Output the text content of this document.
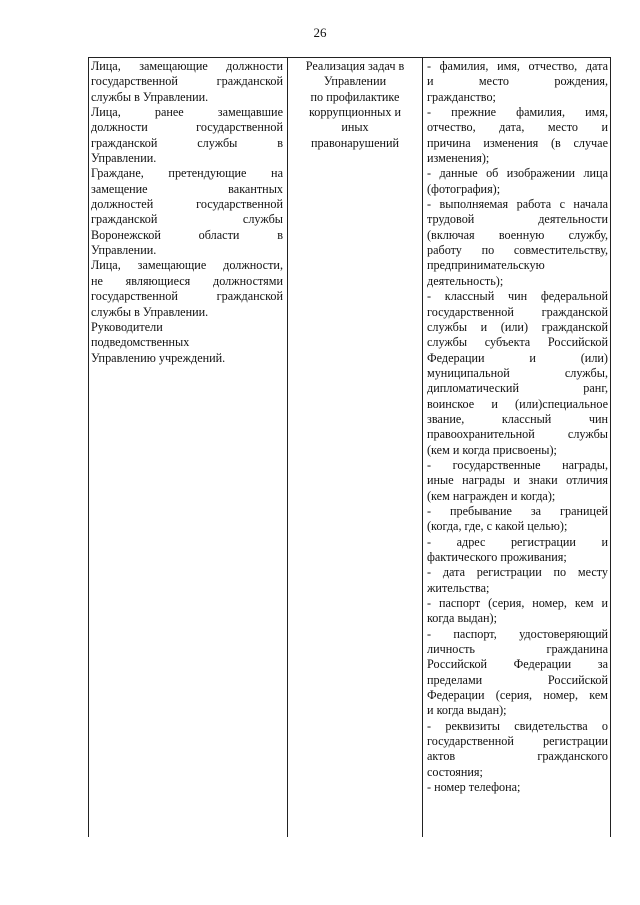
26
Лица, замещающие должности
государственной гражданской
службы в Управлении.
Лица, ранее замещавшие
должности государственной
гражданской службы в
Управлении.
Граждане, претендующие на
замещение вакантных
должностей государственной
гражданской службы
Воронежской области в
Управлении.
Лица, замещающие должности,
не являющиеся должностями
государственной гражданской
службы в Управлении.
Руководители
подведомственных
Управлению учреждений.
Реализация задач в
Управлении
по профилактике
коррупционных и
иных
правонарушений
- фамилия, имя, отчество, дата
и место рождения,
гражданство;
- прежние фамилия, имя,
отчество, дата, место и
причина изменения (в случае
изменения);
- данные об изображении лица
(фотография);
- выполняемая работа с начала
трудовой деятельности
(включая военную службу,
работу по совместительству,
предпринимательскую
деятельность);
- классный чин федеральной
государственной гражданской
службы и (или) гражданской
службы субъекта Российской
Федерации и (или)
муниципальной службы,
дипломатический ранг,
воинское и (или)специальное
звание, классный чин
правоохранительной службы
(кем и когда присвоены);
- государственные награды,
иные награды и знаки отличия
(кем награжден и когда);
- пребывание за границей
(когда, где, с какой целью);
- адрес регистрации и
фактического проживания;
- дата регистрации по месту
жительства;
- паспорт (серия, номер, кем и
когда выдан);
- паспорт, удостоверяющий
личность гражданина
Российской Федерации за
пределами Российской
Федерации (серия, номер, кем
и когда выдан);
- реквизиты свидетельства о
государственной регистрации
актов гражданского
состояния;
- номер телефона;
